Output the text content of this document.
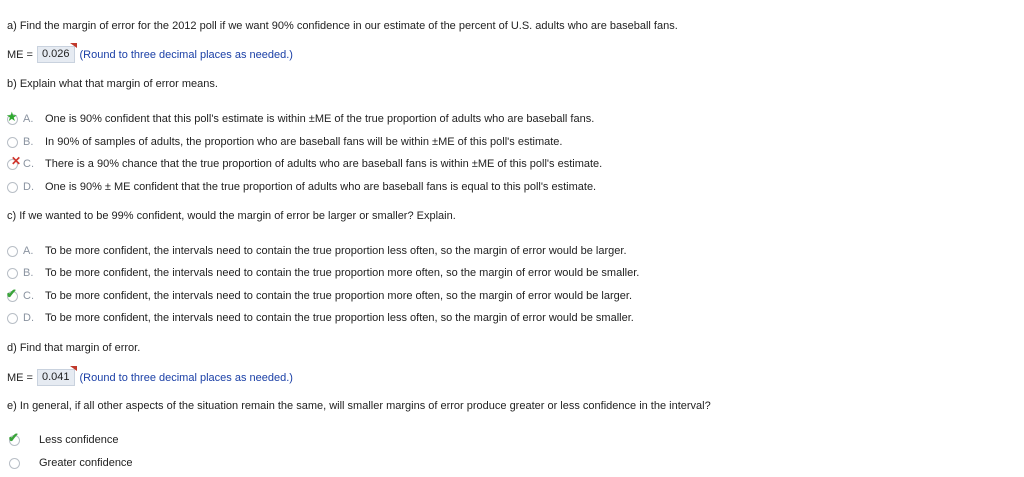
a) Find the margin of error for the 2012 poll if we want 90% confidence in our estimate of the percent of U.S. adults who are baseball fans.
ME = 0.026 (Round to three decimal places as needed.)
b) Explain what that margin of error means.
★ A.	One is 90% confident that this poll's estimate is within ±ME of the true proportion of adults who are baseball fans.
B.	In 90% of samples of adults, the proportion who are baseball fans will be within ±ME of this poll's estimate.
✕ C.	There is a 90% chance that the true proportion of adults who are baseball fans is within ±ME of this poll's estimate.
D.	One is 90% ± ME confident that the true proportion of adults who are baseball fans is equal to this poll's estimate.
c) If we wanted to be 99% confident, would the margin of error be larger or smaller? Explain.
A.	To be more confident, the intervals need to contain the true proportion less often, so the margin of error would be larger.
B.	To be more confident, the intervals need to contain the true proportion more often, so the margin of error would be smaller.
✔ C.	To be more confident, the intervals need to contain the true proportion more often, so the margin of error would be larger.
D.	To be more confident, the intervals need to contain the true proportion less often, so the margin of error would be smaller.
d) Find that margin of error.
ME = 0.041 (Round to three decimal places as needed.)
e) In general, if all other aspects of the situation remain the same, will smaller margins of error produce greater or less confidence in the interval?
✔ Less confidence
Greater confidence
